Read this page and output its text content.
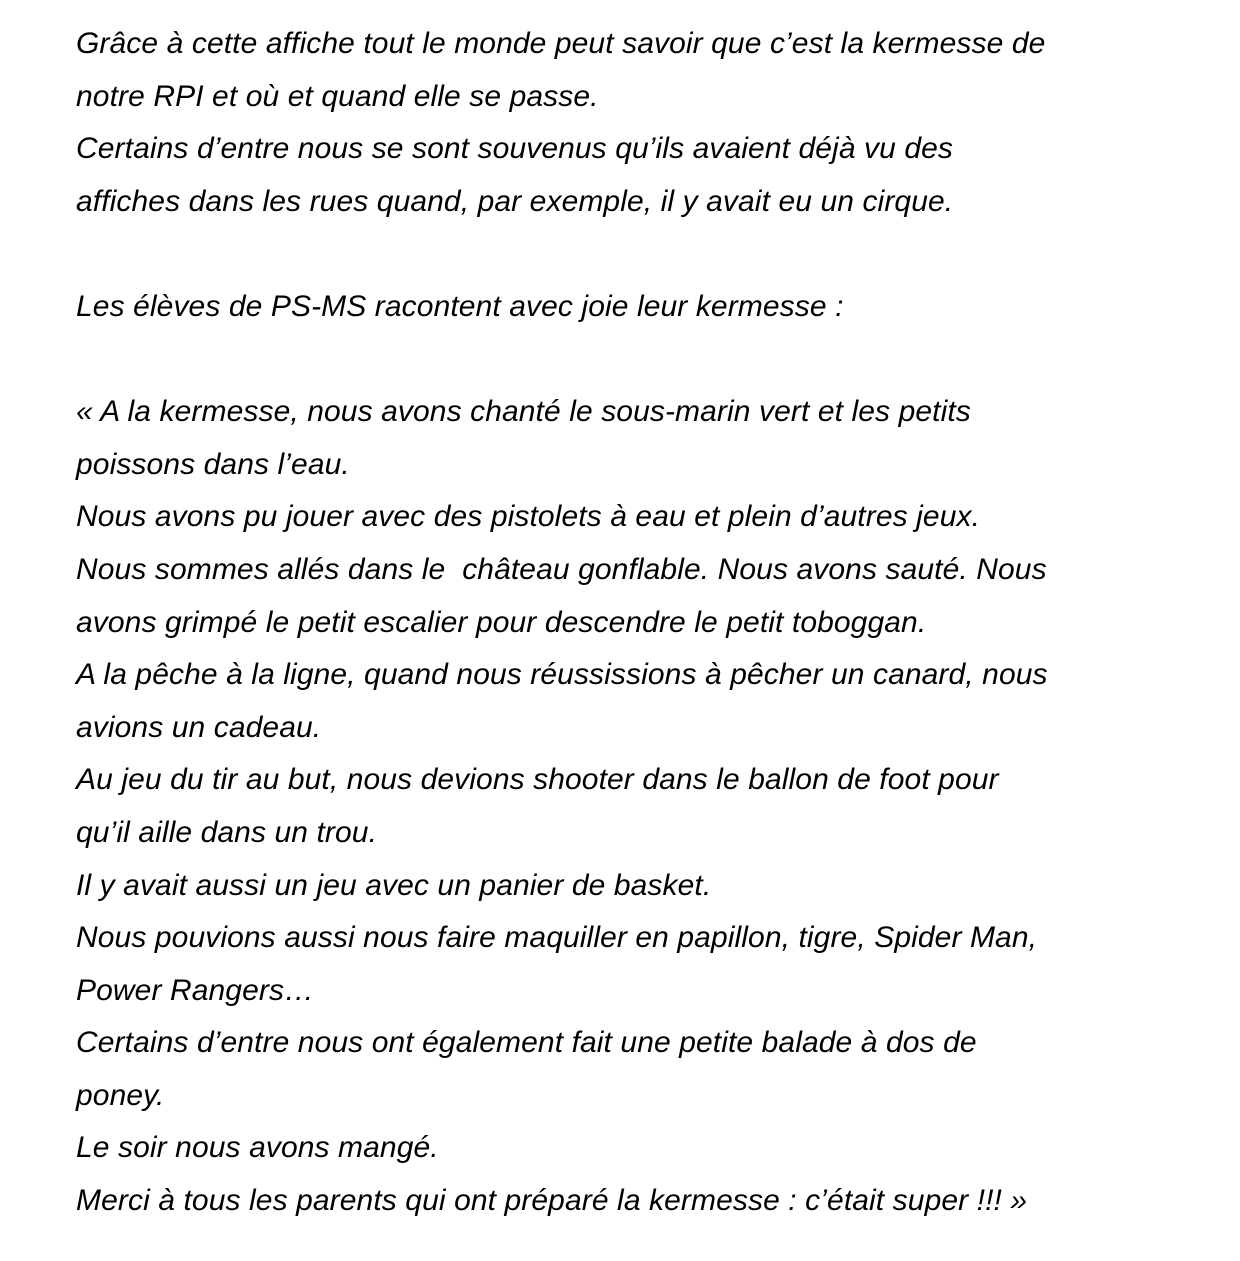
Grâce à cette affiche tout le monde peut savoir que c’est la kermesse de
notre RPI et où et quand elle se passe.
Certains d’entre nous se sont souvenus qu’ils avaient déjà vu des
affiches dans les rues quand, par exemple, il y avait eu un cirque.
Les élèves de PS-MS racontent avec joie leur kermesse :
« A la kermesse, nous avons chanté le sous-marin vert et les petits
poissons dans l’eau.
Nous avons pu jouer avec des pistolets à eau et plein d’autres jeux.
Nous sommes allés dans le  château gonflable. Nous avons sauté. Nous
avons grimpé le petit escalier pour descendre le petit toboggan.
A la pêche à la ligne, quand nous réussissions à pêcher un canard, nous
avions un cadeau.
Au jeu du tir au but, nous devions shooter dans le ballon de foot pour
qu’il aille dans un trou.
Il y avait aussi un jeu avec un panier de basket.
Nous pouvions aussi nous faire maquiller en papillon, tigre, Spider Man,
Power Rangers…
Certains d’entre nous ont également fait une petite balade à dos de
poney.
Le soir nous avons mangé.
Merci à tous les parents qui ont préparé la kermesse : c’était super !!! »
